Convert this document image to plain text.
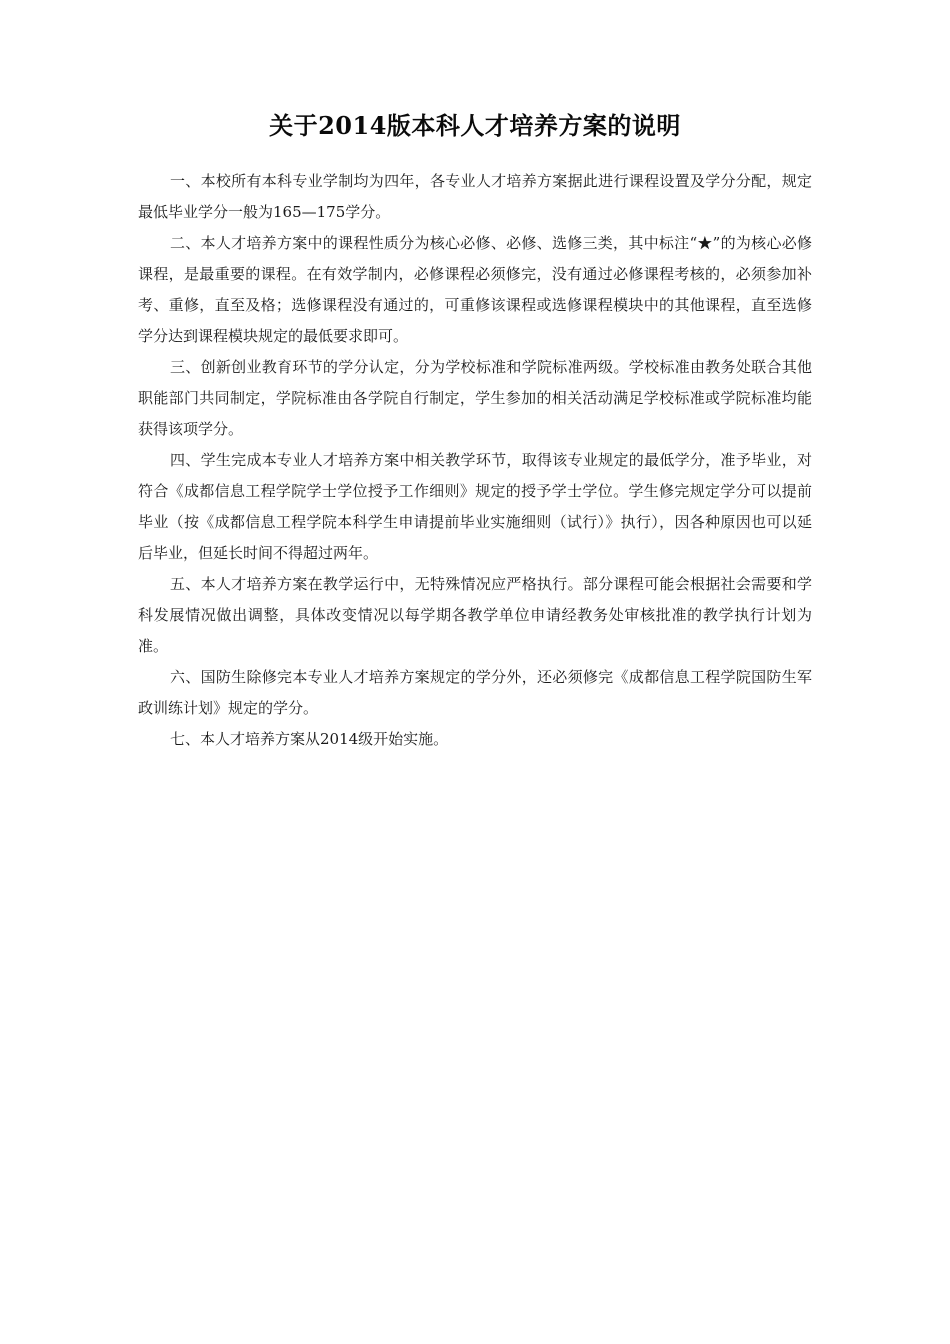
关于2014版本科人才培养方案的说明

一、本校所有本科专业学制均为四年，各专业人才培养方案据此进行课程设置及学分分配，规定最低毕业学分一般为165—175学分。

二、本人才培养方案中的课程性质分为核心必修、必修、选修三类，其中标注“★”的为核心必修课程，是最重要的课程。在有效学制内，必修课程必须修完，没有通过必修课程考核的，必须参加补考、重修，直至及格；选修课程没有通过的，可重修该课程或选修课程模块中的其他课程，直至选修学分达到课程模块规定的最低要求即可。

三、创新创业教育环节的学分认定，分为学校标准和学院标准两级。学校标准由教务处联合其他职能部门共同制定，学院标准由各学院自行制定，学生参加的相关活动满足学校标准或学院标准均能获得该项学分。

四、学生完成本专业人才培养方案中相关教学环节，取得该专业规定的最低学分，准予毕业，对符合《成都信息工程学院学士学位授予工作细则》规定的授予学士学位。学生修完规定学分可以提前毕业（按《成都信息工程学院本科学生申请提前毕业实施细则（试行）》执行），因各种原因也可以延后毕业，但延长时间不得超过两年。

五、本人才培养方案在教学运行中，无特殊情况应严格执行。部分课程可能会根据社会需要和学科发展情况做出调整，具体改变情况以每学期各教学单位申请经教务处审核批准的教学执行计划为准。

六、国防生除修完本专业人才培养方案规定的学分外，还必须修完《成都信息工程学院国防生军政训练计划》规定的学分。

七、本人才培养方案从2014级开始实施。
